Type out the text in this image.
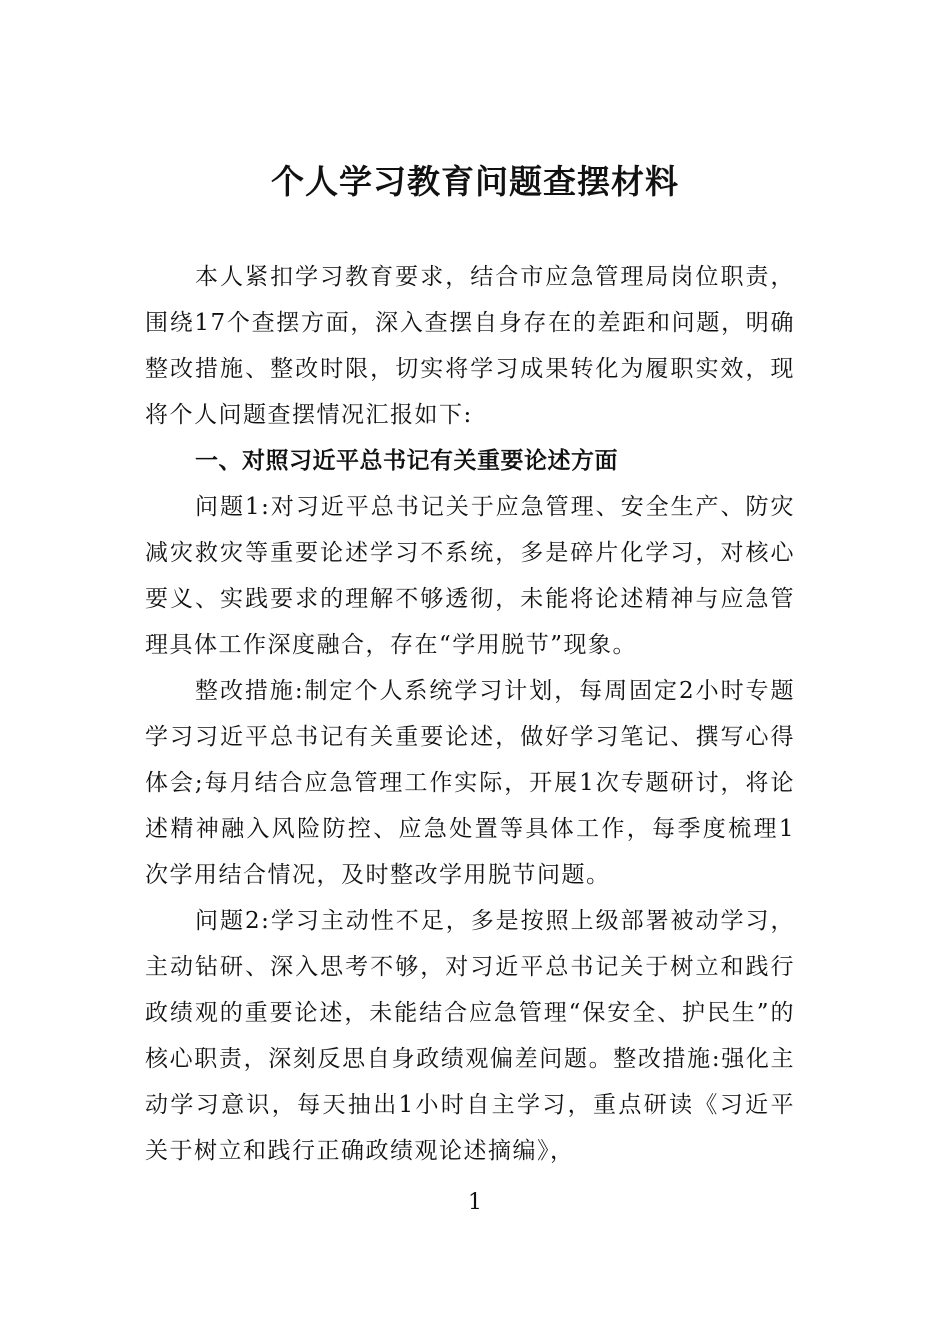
个人学习教育问题查摆材料

本人紧扣学习教育要求，结合市应急管理局岗位职责，围绕17个查摆方面，深入查摆自身存在的差距和问题，明确整改措施、整改时限，切实将学习成果转化为履职实效，现将个人问题查摆情况汇报如下:

一、对照习近平总书记有关重要论述方面

问题1:对习近平总书记关于应急管理、安全生产、防灾减灾救灾等重要论述学习不系统，多是碎片化学习，对核心要义、实践要求的理解不够透彻，未能将论述精神与应急管理具体工作深度融合，存在“学用脱节”现象。

整改措施:制定个人系统学习计划，每周固定2小时专题学习习近平总书记有关重要论述，做好学习笔记、撰写心得体会;每月结合应急管理工作实际，开展1次专题研讨，将论述精神融入风险防控、应急处置等具体工作，每季度梳理1次学用结合情况，及时整改学用脱节问题。

问题2:学习主动性不足，多是按照上级部署被动学习，主动钻研、深入思考不够，对习近平总书记关于树立和践行政绩观的重要论述，未能结合应急管理“保安全、护民生”的核心职责，深刻反思自身政绩观偏差问题。整改措施:强化主动学习意识，每天抽出1小时自主学习，重点研读《习近平关于树立和践行正确政绩观论述摘编》，

1
